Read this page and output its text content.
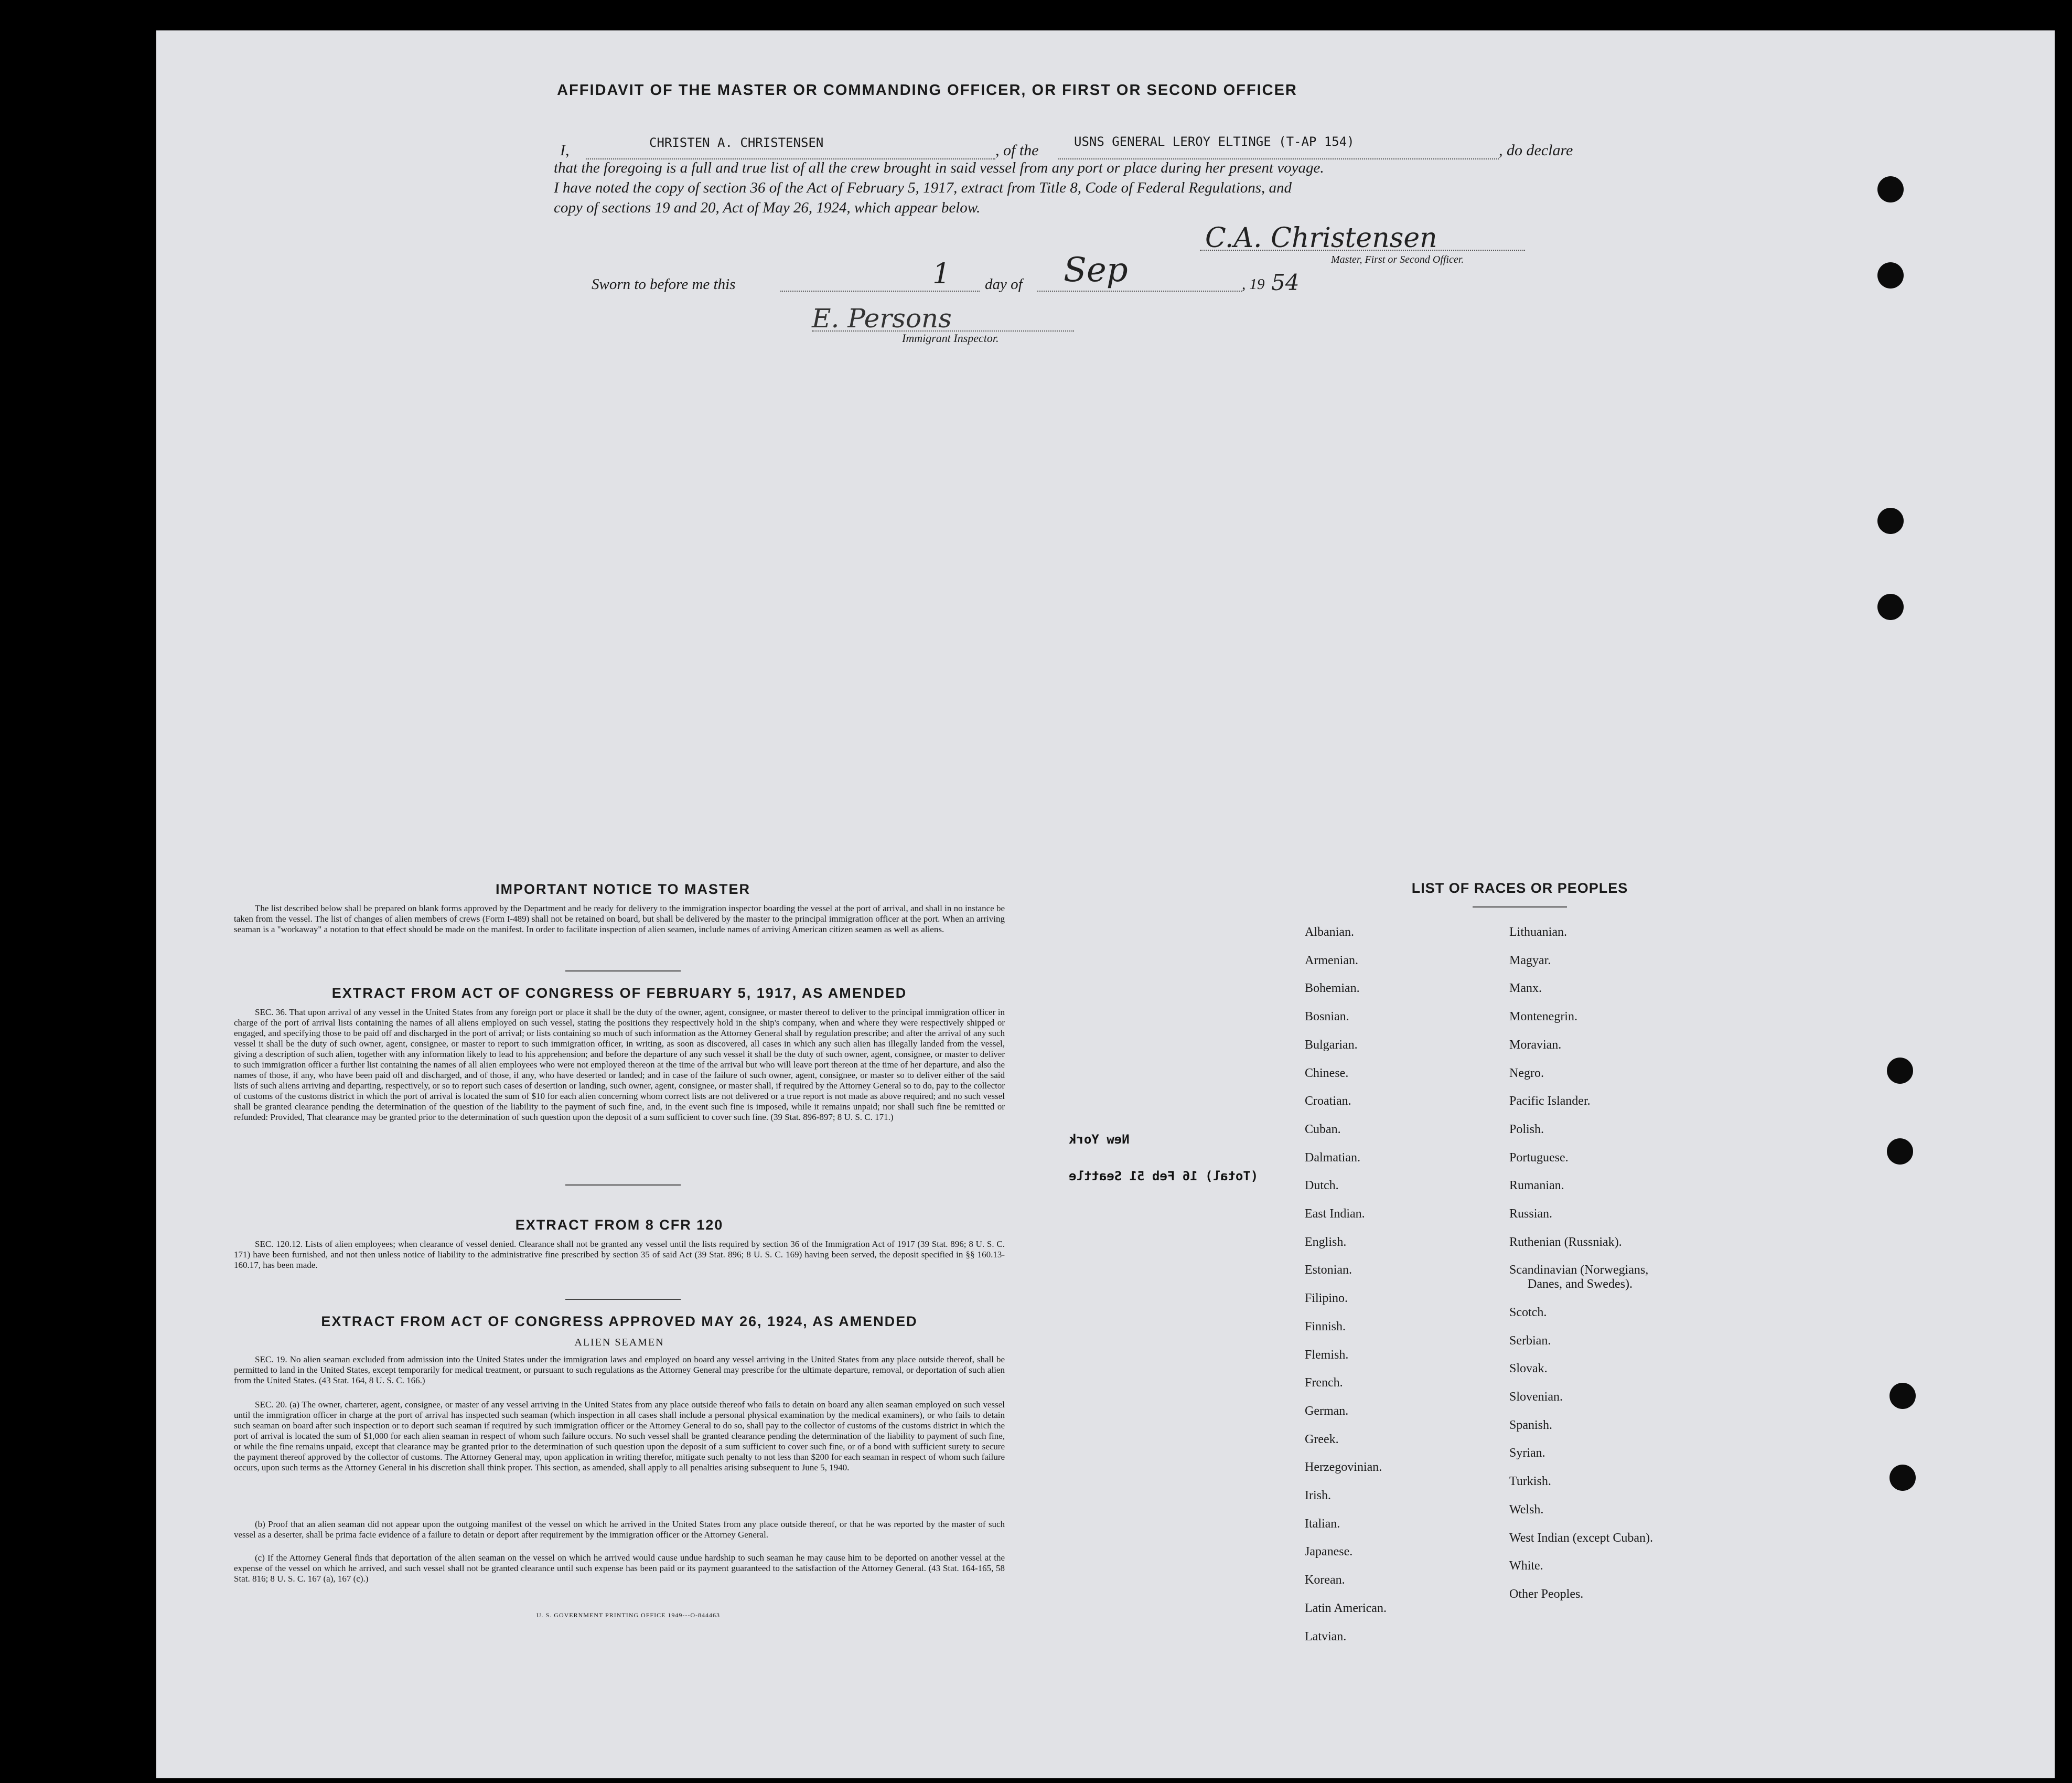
AFFIDAVIT OF THE MASTER OR COMMANDING OFFICER, OR FIRST OR SECOND OFFICER
I,	CHRISTEN A. CHRISTENSEN	, of the	USNS GENERAL LEROY ELTINGE (T-AP 154)	, do declare
that the foregoing is a full and true list of all the crew brought in said vessel from any port or place during her present voyage.
I have noted the copy of section 36 of the Act of February 5, 1917, extract from Title 8, Code of Federal Regulations, and
copy of sections 19 and 20, Act of May 26, 1924, which appear below.
C.A. Christensen
Master, First or Second Officer.
Sworn to before me this	1 day of Sep	, 19 54
E. Persons
Immigrant Inspector.
IMPORTANT NOTICE TO MASTER
The list described below shall be prepared on blank forms approved by the Department and be ready for delivery to the immigration inspector boarding the vessel at the port of arrival, and shall in no instance be taken from the vessel. The list of changes of alien members of crews (Form I-489) shall not be retained on board, but shall be delivered by the master to the principal immigration officer at the port. When an arriving seaman is a "workaway" a notation to that effect should be made on the manifest. In order to facilitate inspection of alien seamen, include names of arriving American citizen seamen as well as aliens.
EXTRACT FROM ACT OF CONGRESS OF FEBRUARY 5, 1917, AS AMENDED
SEC. 36. That upon arrival of any vessel in the United States from any foreign port or place it shall be the duty of the owner, agent, consignee, or master thereof to deliver to the principal immigration officer in charge of the port of arrival lists containing the names of all aliens employed on such vessel, stating the positions they respectively hold in the ship's company, when and where they were respectively shipped or engaged, and specifying those to be paid off and discharged in the port of arrival; or lists containing so much of such information as the Attorney General shall by regulation prescribe; and after the arrival of any such vessel it shall be the duty of such owner, agent, consignee, or master to report to such immigration officer, in writing, as soon as discovered, all cases in which any such alien has illegally landed from the vessel, giving a description of such alien, together with any information likely to lead to his apprehension; and before the departure of any such vessel it shall be the duty of such owner, agent, consignee, or master to deliver to such immigration officer a further list containing the names of all alien employees who were not employed thereon at the time of the arrival but who will leave port thereon at the time of her departure, and also the names of those, if any, who have been paid off and discharged, and of those, if any, who have deserted or landed; and in case of the failure of such owner, agent, consignee, or master so to deliver either of the said lists of such aliens arriving and departing, respectively, or so to report such cases of desertion or landing, such owner, agent, consignee, or master shall, if required by the Attorney General so to do, pay to the collector of customs of the customs district in which the port of arrival is located the sum of $10 for each alien concerning whom correct lists are not delivered or a true report is not made as above required; and no such vessel shall be granted clearance pending the determination of the question of the liability to the payment of such fine, and, in the event such fine is imposed, while it remains unpaid; nor shall such fine be remitted or refunded: Provided, That clearance may be granted prior to the determination of such question upon the deposit of a sum sufficient to cover such fine. (39 Stat. 896-897; 8 U. S. C. 171.)
New York
(Total) 16 Feb 51 Seattle
EXTRACT FROM 8 CFR 120
SEC. 120.12. Lists of alien employees; when clearance of vessel denied. Clearance shall not be granted any vessel until the lists required by section 36 of the Immigration Act of 1917 (39 Stat. 896; 8 U. S. C. 171) have been furnished, and not then unless notice of liability to the administrative fine prescribed by section 35 of said Act (39 Stat. 896; 8 U. S. C. 169) having been served, the deposit specified in §§ 160.13-160.17, has been made.
EXTRACT FROM ACT OF CONGRESS APPROVED MAY 26, 1924, AS AMENDED
ALIEN SEAMEN
SEC. 19. No alien seaman excluded from admission into the United States under the immigration laws and employed on board any vessel arriving in the United States from any place outside thereof, shall be permitted to land in the United States, except temporarily for medical treatment, or pursuant to such regulations as the Attorney General may prescribe for the ultimate departure, removal, or deportation of such alien from the United States. (43 Stat. 164, 8 U. S. C. 166.)
SEC. 20. (a) The owner, charterer, agent, consignee, or master of any vessel arriving in the United States from any place outside thereof who fails to detain on board any alien seaman employed on such vessel until the immigration officer in charge at the port of arrival has inspected such seaman (which inspection in all cases shall include a personal physical examination by the medical examiners), or who fails to detain such seaman on board after such inspection or to deport such seaman if required by such immigration officer or the Attorney General to do so, shall pay to the collector of customs of the customs district in which the port of arrival is located the sum of $1,000 for each alien seaman in respect of whom such failure occurs. No such vessel shall be granted clearance pending the determination of the liability to payment of such fine, or while the fine remains unpaid, except that clearance may be granted prior to the determination of such question upon the deposit of a sum sufficient to cover such fine, or of a bond with sufficient surety to secure the payment thereof approved by the collector of customs. The Attorney General may, upon application in writing therefor, mitigate such penalty to not less than $200 for each seaman in respect of whom such failure occurs, upon such terms as the Attorney General in his discretion shall think proper. This section, as amended, shall apply to all penalties arising subsequent to June 5, 1940.
(b) Proof that an alien seaman did not appear upon the outgoing manifest of the vessel on which he arrived in the United States from any place outside thereof, or that he was reported by the master of such vessel as a deserter, shall be prima facie evidence of a failure to detain or deport after requirement by the immigration officer or the Attorney General.
(c) If the Attorney General finds that deportation of the alien seaman on the vessel on which he arrived would cause undue hardship to such seaman he may cause him to be deported on another vessel at the expense of the vessel on which he arrived, and such vessel shall not be granted clearance until such expense has been paid or its payment guaranteed to the satisfaction of the Attorney General. (43 Stat. 164-165, 58 Stat. 816; 8 U. S. C. 167 (a), 167 (c).)
U. S. GOVERNMENT PRINTING OFFICE 1949---O-844463
LIST OF RACES OR PEOPLES
Albanian.
Armenian.
Bohemian.
Bosnian.
Bulgarian.
Chinese.
Croatian.
Cuban.
Dalmatian.
Dutch.
East Indian.
English.
Estonian.
Filipino.
Finnish.
Flemish.
French.
German.
Greek.
Herzegovinian.
Irish.
Italian.
Japanese.
Korean.
Latin American.
Latvian.
Lithuanian.
Magyar.
Manx.
Montenegrin.
Moravian.
Negro.
Pacific Islander.
Polish.
Portuguese.
Rumanian.
Russian.
Ruthenian (Russniak).
Scandinavian (Norwegians,
Danes, and Swedes).
Scotch.
Serbian.
Slovak.
Slovenian.
Spanish.
Syrian.
Turkish.
Welsh.
West Indian (except Cuban).
White.
Other Peoples.
